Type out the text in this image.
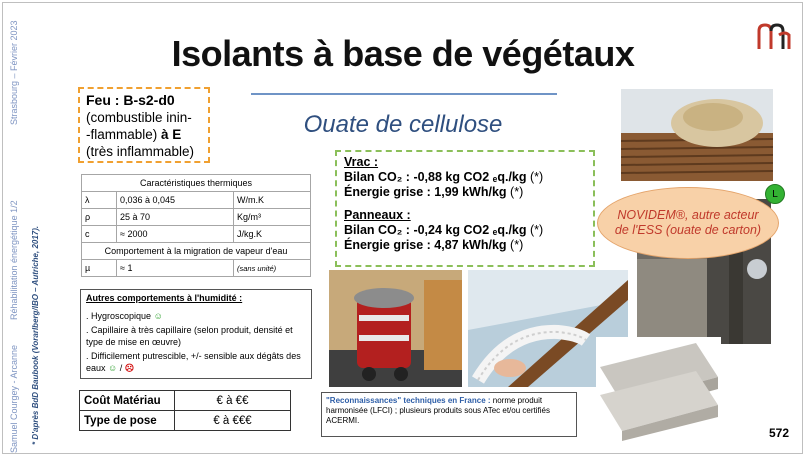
Strasbourg – Février 2023
Réhabilitation énergétique 1/2
Samuel Courgey - Arcanne * D'après BdD Baubook (Vorarlberg/IBO – Autriche, 2017).
Isolants à base de végétaux
Ouate de cellulose
Feu : B-s2-d0
(combustible inin-
-flammable) à E
(très inflammable)
Caractéristiques thermiques		
λ	0,036 à 0,045	W/m.K
ρ	25 à 70	Kg/m³
c	≈ 2000	J/kg.K
Comportement à la migration de vapeur d'eau		
µ	≈ 1	(sans unité)
Autres comportements à l'humidité :
. Hygroscopique ☺
. Capillaire à très capillaire (selon produit, densité et type de mise en œuvre)
. Difficilement putrescible, +/- sensible aux dégâts des eaux ☺ / ☹
Coût Matériau	€ à €€
Type de pose	€ à €€€
Vrac :
Bilan CO₂ : -0,88 kg CO2 ₑq./kg (*)
Énergie grise : 1,99 kWh/kg (*)
Panneaux :
Bilan CO₂ : -0,24 kg CO2 ₑq./kg (*)
Énergie grise : 4,87 kWh/kg (*)
NOVIDEM®, autre acteur de l'ESS (ouate de carton)
L
"Reconnaissances" techniques en France : norme produit harmonisée (LFCI) ; plusieurs produits sous ATec et/ou certifiés ACERMI.
572
